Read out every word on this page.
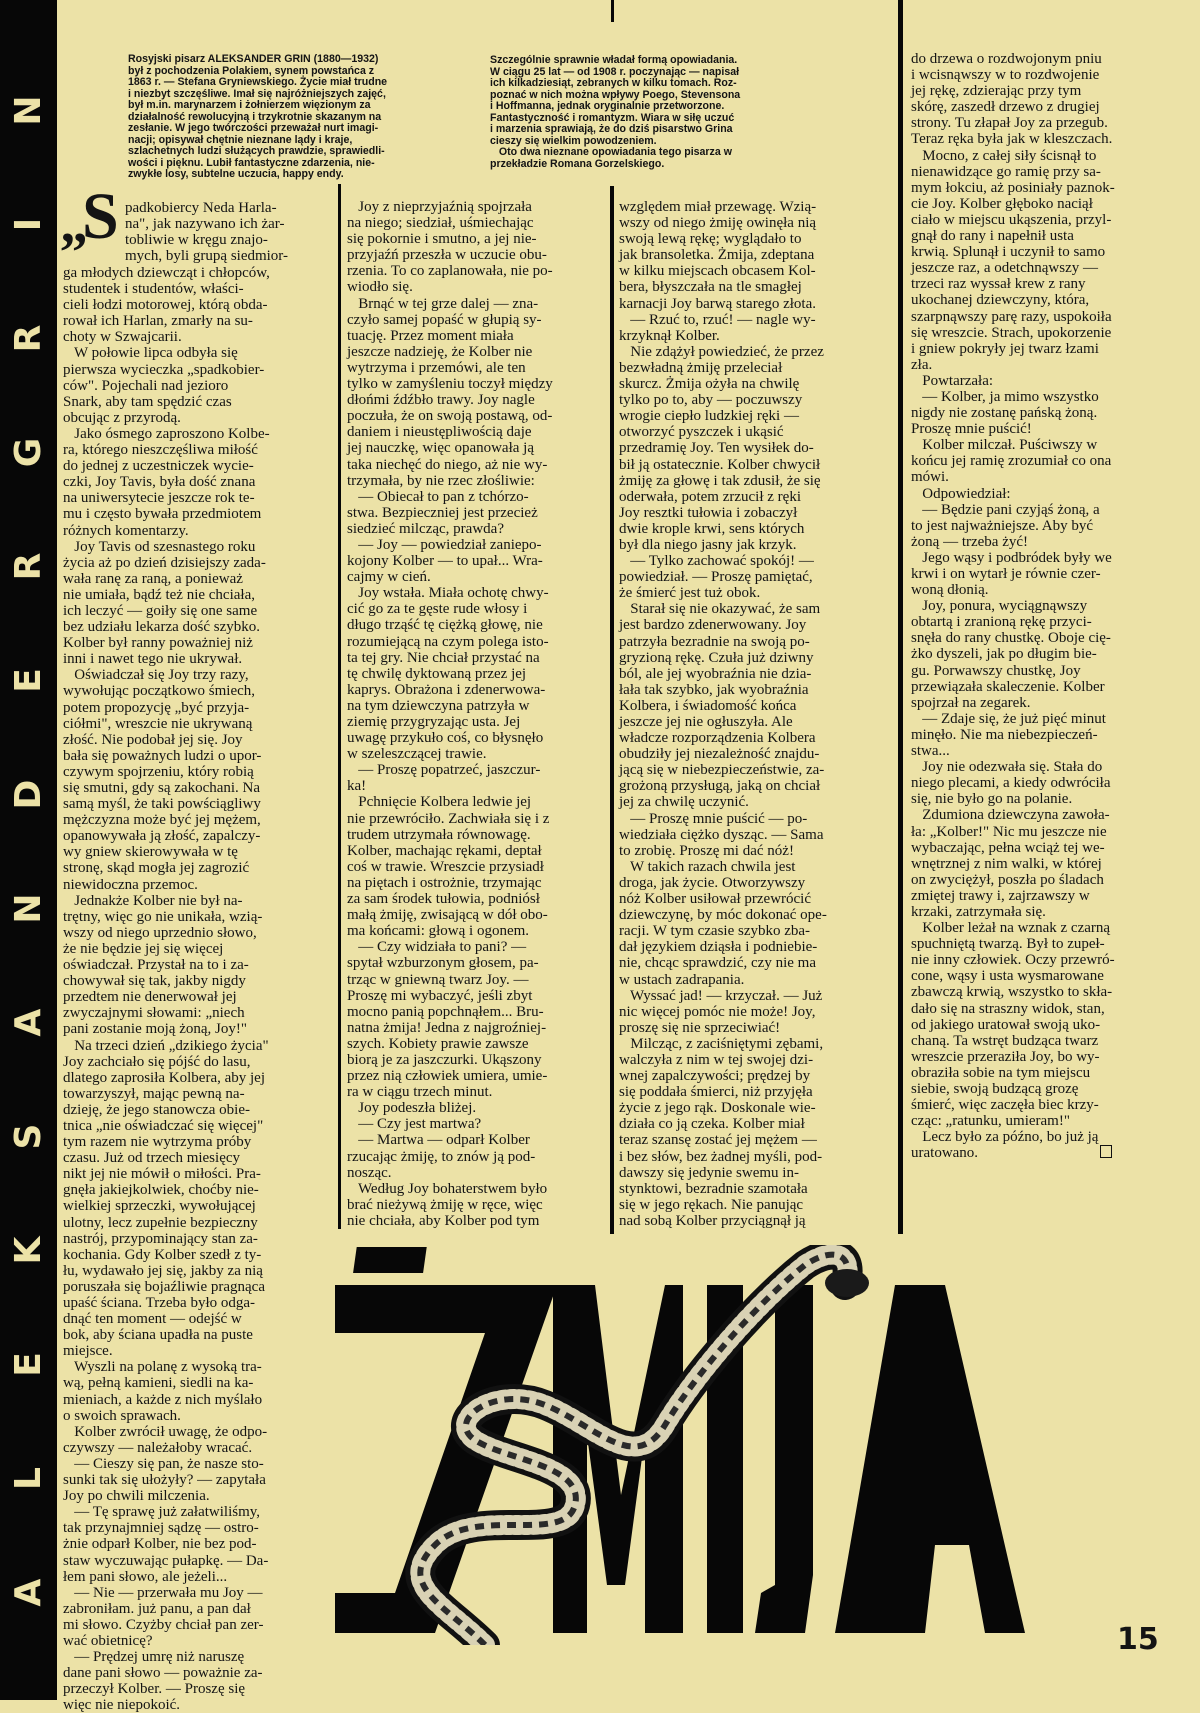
N
I
R
G
R
E
D
N
A
S
K
E
L
A
Rosyjski pisarz ALEKSANDER GRIN (1880—1932)
był z pochodzenia Polakiem, synem powstańca z
1863 r. — Stefana Gryniewskiego. Życie miał trudne
i niezbyt szczęśliwe. Imał się najróżniejszych zajęć,
był m.in. marynarzem i żołnierzem więzionym za
działalność rewolucyjną i trzykrotnie skazanym na
zesłanie. W jego twórczości przeważał nurt imagi-
nacji; opisywał chętnie nieznane lądy i kraje,
szlachetnych ludzi służących prawdzie, sprawiedli-
wości i pięknu. Lubił fantastyczne zdarzenia, nie-
zwykłe losy, subtelne uczucia, happy endy.
Szczególnie sprawnie władał formą opowiadania.
W ciągu 25 lat — od 1908 r. poczynając — napisał
ich kilkadziesiąt, zebranych w kilku tomach. Roz-
poznać w nich można wpływy Poego, Stevensona
i Hoffmanna, jednak oryginalnie przetworzone.
Fantastyczność i romantyzm. Wiara w siłę uczuć
i marzenia sprawiają, że do dziś pisarstwo Grina
cieszy się wielkim powodzeniem.
Oto dwa nieznane opowiadania tego pisarza w
przekładzie Romana Gorzelskiego.
„
S padkobiercy Neda Harla-
na", jak nazywano ich żar-
tobliwie w kręgu znajo-
mych, byli grupą siedmior-
ga młodych dziewcząt i chłopców,
studentek i studentów, właści-
cieli łodzi motorowej, którą obda-
rował ich Harlan, zmarły na su-
choty w Szwajcarii.
W połowie lipca odbyła się
pierwsza wycieczka „spadkobier-
ców". Pojechali nad jezioro
Snark, aby tam spędzić czas
obcując z przyrodą.
Jako ósmego zaproszono Kolbe-
ra, którego nieszczęśliwa miłość
do jednej z uczestniczek wycie-
czki, Joy Tavis, była dość znana
na uniwersytecie jeszcze rok te-
mu i często bywała przedmiotem
różnych komentarzy.
Joy Tavis od szesnastego roku
życia aż po dzień dzisiejszy zada-
wała ranę za raną, a ponieważ
nie umiała, bądź też nie chciała,
ich leczyć — goiły się one same
bez udziału lekarza dość szybko.
Kolber był ranny poważniej niż
inni i nawet tego nie ukrywał.
Oświadczał się Joy trzy razy,
wywołując początkowo śmiech,
potem propozycję „być przyja-
ciółmi", wreszcie nie ukrywaną
złość. Nie podobał jej się. Joy
bała się poważnych ludzi o upor-
czywym spojrzeniu, który robią
się smutni, gdy są zakochani. Na
samą myśl, że taki powściągliwy
mężczyzna może być jej mężem,
opanowywała ją złość, zapalczy-
wy gniew skierowywała w tę
stronę, skąd mogła jej zagrozić
niewidoczna przemoc.
Jednakże Kolber nie był na-
trętny, więc go nie unikała, wzią-
wszy od niego uprzednio słowo,
że nie będzie jej się więcej
oświadczał. Przystał na to i za-
chowywał się tak, jakby nigdy
przedtem nie denerwował jej
zwyczajnymi słowami: „niech
pani zostanie moją żoną, Joy!"
Na trzeci dzień „dzikiego życia"
Joy zachciało się pójść do lasu,
dlatego zaprosiła Kolbera, aby jej
towarzyszył, mając pewną na-
dzieję, że jego stanowcza obie-
tnica „nie oświadczać się więcej"
tym razem nie wytrzyma próby
czasu. Już od trzech miesięcy
nikt jej nie mówił o miłości. Pra-
gnęła jakiejkolwiek, choćby nie-
wielkiej sprzeczki, wywołującej
ulotny, lecz zupełnie bezpieczny
nastrój, przypominający stan za-
kochania. Gdy Kolber szedł z ty-
łu, wydawało jej się, jakby za nią
poruszała się bojaźliwie pragnąca
upaść ściana. Trzeba było odga-
dnąć ten moment — odejść w
bok, aby ściana upadła na puste
miejsce.
Wyszli na polanę z wysoką tra-
wą, pełną kamieni, siedli na ka-
mieniach, a każde z nich myślało
o swoich sprawach.
Kolber zwrócił uwagę, że odpo-
czywszy — należałoby wracać.
— Cieszy się pan, że nasze sto-
sunki tak się ułożyły? — zapytała
Joy po chwili milczenia.
— Tę sprawę już załatwiliśmy,
tak przynajmniej sądzę — ostro-
żnie odparł Kolber, nie bez pod-
staw wyczuwając pułapkę. — Da-
łem pani słowo, ale jeżeli...
— Nie — przerwała mu Joy —
zabroniłam. już panu, a pan dał
mi słowo. Czyżby chciał pan zer-
wać obietnicę?
— Prędzej umrę niż naruszę
dane pani słowo — poważnie za-
przeczył Kolber. — Proszę się
więc nie niepokoić.
Joy z nieprzyjaźnią spojrzała
na niego; siedział, uśmiechając
się pokornie i smutno, a jej nie-
przyjaźń przeszła w uczucie obu-
rzenia. To co zaplanowała, nie po-
wiodło się.
Brnąć w tej grze dalej — zna-
czyło samej popaść w głupią sy-
tuację. Przez moment miała
jeszcze nadzieję, że Kolber nie
wytrzyma i przemówi, ale ten
tylko w zamyśleniu toczył między
dłońmi źdźbło trawy. Joy nagle
poczuła, że on swoją postawą, od-
daniem i nieustępliwością daje
jej nauczkę, więc opanowała ją
taka niechęć do niego, aż nie wy-
trzymała, by nie rzec złośliwie:
— Obiecał to pan z tchórzo-
stwa. Bezpieczniej jest przecież
siedzieć milcząc, prawda?
— Joy — powiedział zaniepo-
kojony Kolber — to upał... Wra-
cajmy w cień.
Joy wstała. Miała ochotę chwy-
cić go za te gęste rude włosy i
długo trząść tę ciężką głowę, nie
rozumiejącą na czym polega isto-
ta tej gry. Nie chciał przystać na
tę chwilę dyktowaną przez jej
kaprys. Obrażona i zdenerwowa-
na tym dziewczyna patrzyła w
ziemię przygryzając usta. Jej
uwagę przykuło coś, co błysnęło
w szeleszczącej trawie.
— Proszę popatrzeć, jaszczur-
ka!
Pchnięcie Kolbera ledwie jej
nie przewróciło. Zachwiała się i z
trudem utrzymała równowagę.
Kolber, machając rękami, deptał
coś w trawie. Wreszcie przysiadł
na piętach i ostrożnie, trzymając
za sam środek tułowia, podniósł
małą żmiję, zwisającą w dół obo-
ma końcami: głową i ogonem.
— Czy widziała to pani? —
spytał wzburzonym głosem, pa-
trząc w gniewną twarz Joy. —
Proszę mi wybaczyć, jeśli zbyt
mocno panią popchnąłem... Bru-
natna żmija! Jedna z najgroźniej-
szych. Kobiety prawie zawsze
biorą je za jaszczurki. Ukąszony
przez nią człowiek umiera, umie-
ra w ciągu trzech minut.
Joy podeszła bliżej.
— Czy jest martwa?
— Martwa — odparł Kolber
rzucając żmiję, to znów ją pod-
nosząc.
Według Joy bohaterstwem było
brać nieżywą żmiję w ręce, więc
nie chciała, aby Kolber pod tym
względem miał przewagę. Wzią-
wszy od niego żmiję owinęła nią
swoją lewą rękę; wyglądało to
jak bransoletka. Żmija, zdeptana
w kilku miejscach obcasem Kol-
bera, błyszczała na tle smagłej
karnacji Joy barwą starego złota.
— Rzuć to, rzuć! — nagle wy-
krzyknął Kolber.
Nie zdążył powiedzieć, że przez
bezwładną żmiję przeleciał
skurcz. Żmija ożyła na chwilę
tylko po to, aby — poczuwszy
wrogie ciepło ludzkiej ręki —
otworzyć pyszczek i ukąsić
przedramię Joy. Ten wysiłek do-
bił ją ostatecznie. Kolber chwycił
żmiję za głowę i tak zdusił, że się
oderwała, potem zrzucił z ręki
Joy resztki tułowia i zobaczył
dwie krople krwi, sens których
był dla niego jasny jak krzyk.
— Tylko zachować spokój! —
powiedział. — Proszę pamiętać,
że śmierć jest tuż obok.
Starał się nie okazywać, że sam
jest bardzo zdenerwowany. Joy
patrzyła bezradnie na swoją po-
gryzioną rękę. Czuła już dziwny
ból, ale jej wyobraźnia nie dzia-
łała tak szybko, jak wyobraźnia
Kolbera, i świadomość końca
jeszcze jej nie ogłuszyła. Ale
władcze rozporządzenia Kolbera
obudziły jej niezależność znajdu-
jącą się w niebezpieczeństwie, za-
grożoną przysługą, jaką on chciał
jej za chwilę uczynić.
— Proszę mnie puścić — po-
wiedziała ciężko dysząc. — Sama
to zrobię. Proszę mi dać nóż!
W takich razach chwila jest
droga, jak życie. Otworzywszy
nóż Kolber usiłował przewrócić
dziewczynę, by móc dokonać ope-
racji. W tym czasie szybko zba-
dał językiem dziąsła i podniebie-
nie, chcąc sprawdzić, czy nie ma
w ustach zadrapania.
Wyssać jad! — krzyczał. — Już
nic więcej pomóc nie może! Joy,
proszę się nie sprzeciwiać!
Milcząc, z zaciśniętymi zębami,
walczyła z nim w tej swojej dzi-
wnej zapalczywości; prędzej by
się poddała śmierci, niż przyjęła
życie z jego rąk. Doskonale wie-
działa co ją czeka. Kolber miał
teraz szansę zostać jej mężem —
i bez słów, bez żadnej myśli, pod-
dawszy się jedynie swemu in-
stynktowi, bezradnie szamotała
się w jego rękach. Nie panując
nad sobą Kolber przyciągnął ją
do drzewa o rozdwojonym pniu
i wcisnąwszy w to rozdwojenie
jej rękę, zdzierając przy tym
skórę, zaszedł drzewo z drugiej
strony. Tu złapał Joy za przegub.
Teraz ręka była jak w kleszczach.
Mocno, z całej siły ścisnął to
nienawidzące go ramię przy sa-
mym łokciu, aż posiniały paznok-
cie Joy. Kolber głęboko naciął
ciało w miejscu ukąszenia, przyl-
gnął do rany i napełnił usta
krwią. Splunął i uczynił to samo
jeszcze raz, a odetchnąwszy —
trzeci raz wyssał krew z rany
ukochanej dziewczyny, która,
szarpnąwszy parę razy, uspokoiła
się wreszcie. Strach, upokorzenie
i gniew pokryły jej twarz łzami
zła.
Powtarzała:
— Kolber, ja mimo wszystko
nigdy nie zostanę pańską żoną.
Proszę mnie puścić!
Kolber milczał. Puściwszy w
końcu jej ramię zrozumiał co ona
mówi.
Odpowiedział:
— Będzie pani czyjąś żoną, a
to jest najważniejsze. Aby być
żoną — trzeba żyć!
Jego wąsy i podbródek były we
krwi i on wytarł je równie czer-
woną dłonią.
Joy, ponura, wyciągnąwszy
obtartą i zranioną rękę przyci-
snęła do rany chustkę. Oboje cię-
żko dyszeli, jak po długim bie-
gu. Porwawszy chustkę, Joy
przewiązała skaleczenie. Kolber
spojrzał na zegarek.
— Zdaje się, że już pięć minut
minęło. Nie ma niebezpieczeń-
stwa...
Joy nie odezwała się. Stała do
niego plecami, a kiedy odwróciła
się, nie było go na polanie.
Zdumiona dziewczyna zawoła-
ła: „Kolber!" Nic mu jeszcze nie
wybaczając, pełna wciąż tej we-
wnętrznej z nim walki, w której
on zwyciężył, poszła po śladach
zmiętej trawy i, zajrzawszy w
krzaki, zatrzymała się.
Kolber leżał na wznak z czarną
spuchniętą twarzą. Był to zupeł-
nie inny człowiek. Oczy przewró-
cone, wąsy i usta wysmarowane
zbawczą krwią, wszystko to skła-
dało się na straszny widok, stan,
od jakiego uratował swoją uko-
chaną. Ta wstręt budząca twarz
wreszcie przeraziła Joy, bo wy-
obraziła sobie na tym miejscu
siebie, swoją budzącą grozę
śmierć, więc zaczęła biec krzy-
cząc: „ratunku, umieram!"
Lecz było za późno, bo już ją
uratowano.
15
